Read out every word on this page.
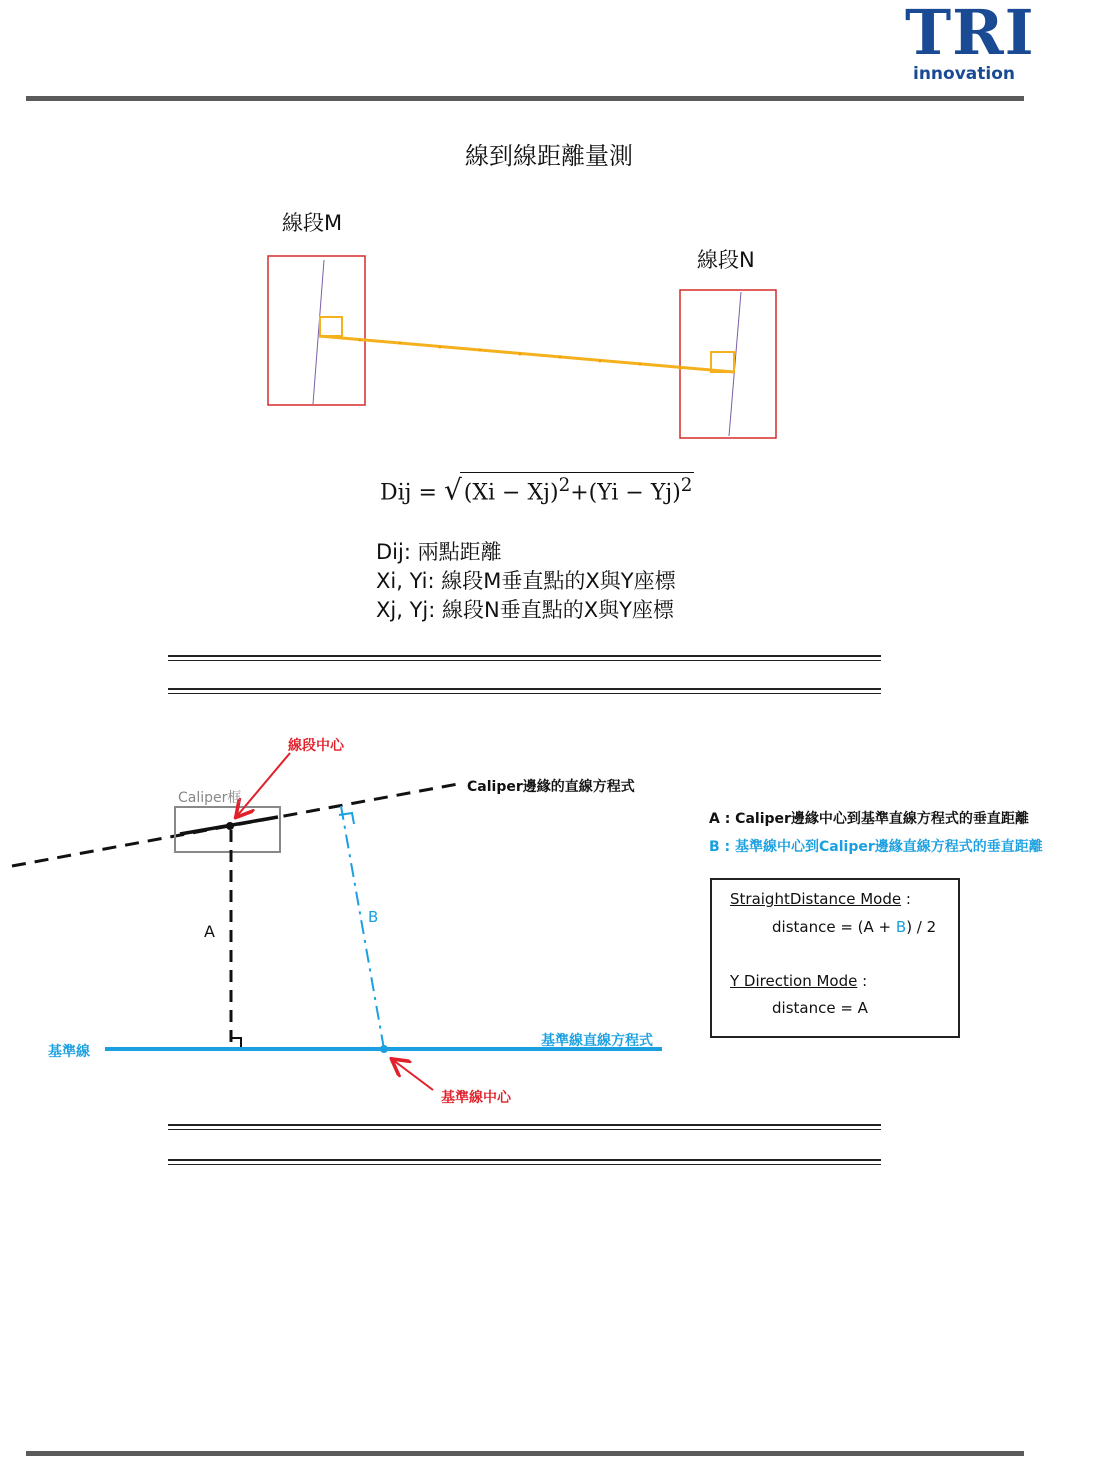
TRI
innovation
線到線距離量測
線段M
線段N
Dij = $√(Xi - Xj)^2+(Yi - Yj)^2$
Dij: 兩點距離
Xi, Yi: 線段M垂直點的X與Y座標
Xj, Yj: 線段N垂直點的X與Y座標
線段中心
Caliper框
Caliper邊緣的直線方程式
A
B
基準線
基準線直線方程式
基準線中心
A : Caliper邊緣中心到基準直線方程式的垂直距離
B : 基準線中心到Caliper邊緣直線方程式的垂直距離
StraightDistance Mode :
distance = (A + B) / 2
Y Direction Mode :
distance = A
